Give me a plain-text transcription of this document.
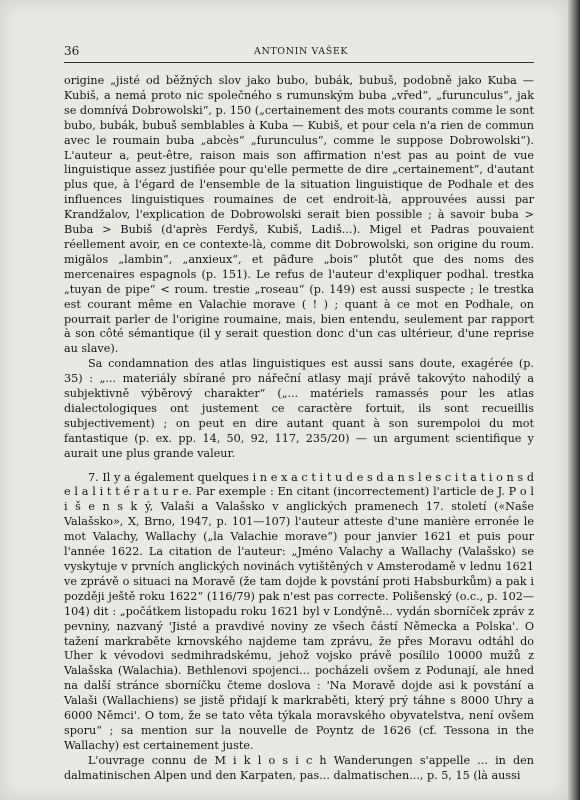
36	ANTONIN VAŠEK

origine „jisté od běžných slov jako bubo, bubák, bubuš, podobně jako Kuba — Kubiš, a nemá proto nic společného s rumunským buba „vřed“, „furunculus“, jak se domnívá Dobrowolski“, p. 150 („certainement des mots courants comme le sont bubo, bubák, bubuš semblables à Kuba — Kubiš, et pour cela n'a rien de commun avec le roumain buba „abcès“ „furunculus“, comme le suppose Dobrowolski“). L'auteur a, peut-être, raison mais son affirmation n'est pas au point de vue linguistique assez justifiée pour qu'elle permette de dire „certainement“, d'autant plus que, à l'égard de l'ensemble de la situation linguistique de Podhale et des influences linguistiques roumaines de cet endroit-là, approuvées aussi par Krandžalov, l'explication de Dobrowolski serait bien possible ; à savoir buba > Buba > Bubiš (d'après Ferdyš, Kubiš, Ladiš...). Migel et Padras pouvaient réellement avoir, en ce contexte-là, comme dit Dobrowolski, son origine du roum. migălos „lambin“, „anxieux“, et păđure „bois“ plutôt que des noms des mercenaires espagnols (p. 151). Le refus de l'auteur d'expliquer podhal. trestka „tuyan de pipe“ < roum. trestie „roseau“ (p. 149) est aussi suspecte ; le trestka est courant même en Valachie morave ( ! ) ; quant à ce mot en Podhale, on pourrait parler de l'origine roumaine, mais, bien entendu, seulement par rapport à son côté sémantique (il y serait question donc d'un cas ultérieur, d'une reprise au slave).

Sa condamnation des atlas linguistiques est aussi sans doute, exagérée (p. 35) : „... materiály sbírané pro nářeční atlasy mají právě takovýto nahodilý a subjektivně výběrový charakter“ („... matériels ramassés pour les atlas dialectologiques ont justement ce caractère fortuit, ils sont recueillis subjectivement) ; on peut en dire autant quant à son surempoloi du mot fantastique (p. ex. pp. 14, 50, 92, 117, 235/20) — un argument scientifique y aurait une plus grande valeur.

7. Il y a également quelques i n e x a c t i t u d e s d a n s l e s c i t a t i o n s d e l a l i t t é r a t u r e. Par exemple : En citant (incorrectement) l'article de J. P o l i š e n s k ý, Valaši a Valašsko v anglických pramenech 17. století («Naše Valašsko», X, Brno, 1947, p. 101—107) l'auteur atteste d'une manière erronée le mot Valachy, Wallachy („la Valachie morave“) pour janvier 1621 et puis pour l'année 1622. La citation de l'auteur: „Jméno Valachy a Wallachy (Valašsko) se vyskytuje v prvních anglických novinách vytištěných v Amsterodamě v lednu 1621 ve zprávě o situaci na Moravě (že tam dojde k povstání proti Habsburkům) a pak i později ještě roku 1622“ (116/79) pak n'est pas correcte. Polišenský (o.c., p. 102—104) dit : „počátkem listopadu roku 1621 byl v Londýně... vydán sborníček zpráv z pevniny, nazvaný 'Jisté a pravdivé noviny ze všech částí Německa a Polska'. O tažení markraběte krnovského najdeme tam zprávu, že přes Moravu odtáhl do Uher k vévodovi sedmihradskému, jehož vojsko právě posílilo 10000 mužů z Valašska (Walachia). Bethlenovi spojenci... pocházeli ovšem z Podunají, ale hned na další stránce sborníčku čteme doslova : 'Na Moravě dojde asi k povstání a Valaši (Wallachiens) se jistě přidají k markraběti, který prý táhne s 8000 Uhry a 6000 Němci'. O tom, že se tato věta týkala moravského obyvatelstva, není ovšem sporu“ ; sa mention sur la nouvelle de Poyntz de 1626 (cf. Tessona in the Wallachy) est certainement juste.

L'ouvrage connu de M i k l o s i c h Wanderungen s'appelle ... in den dalmatinischen Alpen und den Karpaten, pas... dalmatischen..., p. 5, 15 (là aussi
